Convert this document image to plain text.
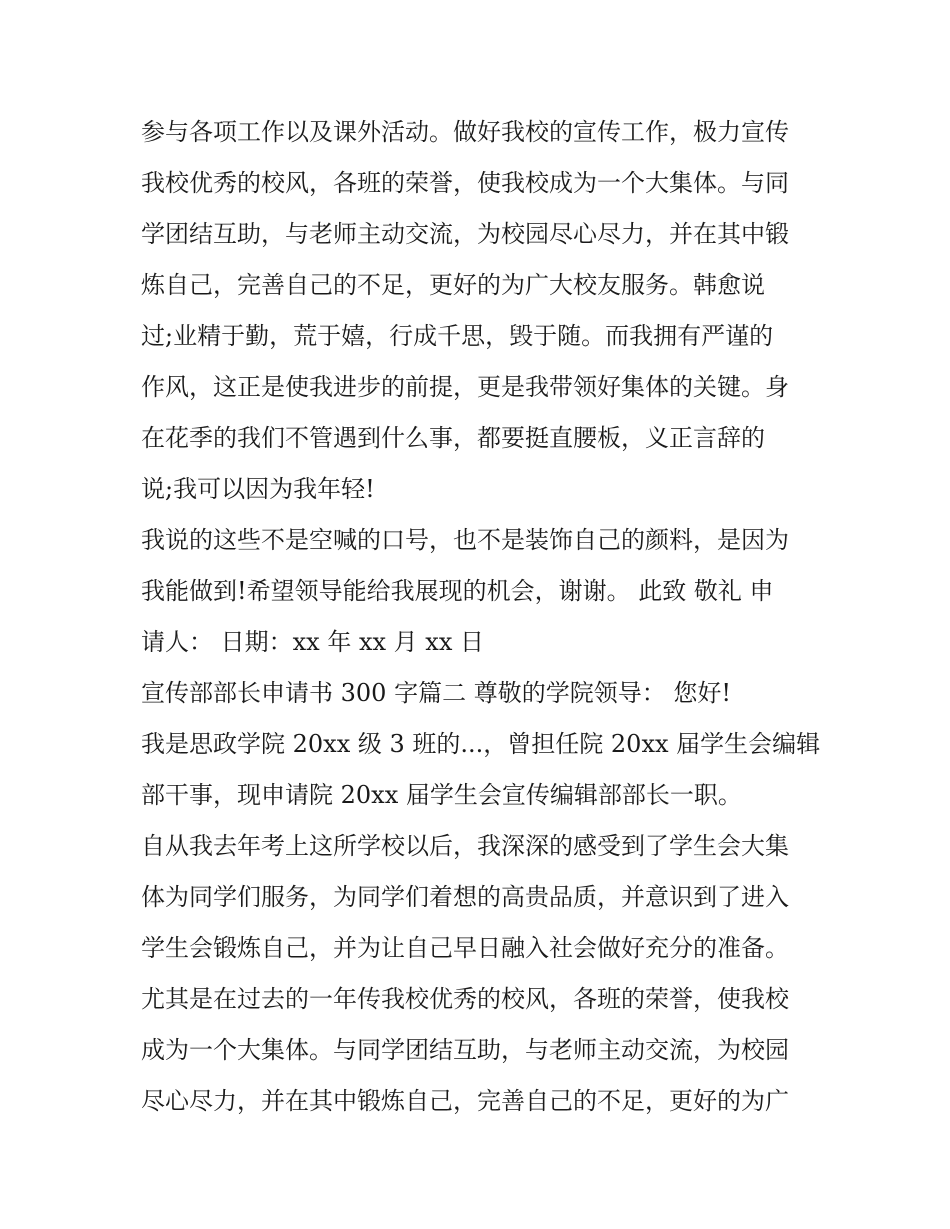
参与各项工作以及课外活动。做好我校的宣传工作，极力宣传
我校优秀的校风，各班的荣誉，使我校成为一个大集体。与同
学团结互助，与老师主动交流，为校园尽心尽力，并在其中锻
炼自己，完善自己的不足，更好的为广大校友服务。韩愈说
过;业精于勤，荒于嬉，行成千思，毁于随。而我拥有严谨的
作风，这正是使我进步的前提，更是我带领好集体的关键。身
在花季的我们不管遇到什么事，都要挺直腰板，义正言辞的
说;我可以因为我年轻!
我说的这些不是空喊的口号，也不是装饰自己的颜料，是因为
我能做到!希望领导能给我展现的机会，谢谢。 此致 敬礼 申
请人： 日期：xx 年 xx 月 xx 日
宣传部部长申请书 300 字篇二 尊敬的学院领导： 您好!
我是思政学院 20xx 级 3 班的...，曾担任院 20xx 届学生会编辑
部干事，现申请院 20xx 届学生会宣传编辑部部长一职。
自从我去年考上这所学校以后，我深深的感受到了学生会大集
体为同学们服务，为同学们着想的高贵品质，并意识到了进入
学生会锻炼自己，并为让自己早日融入社会做好充分的准备。
尤其是在过去的一年传我校优秀的校风，各班的荣誉，使我校
成为一个大集体。与同学团结互助，与老师主动交流，为校园
尽心尽力，并在其中锻炼自己，完善自己的不足，更好的为广
